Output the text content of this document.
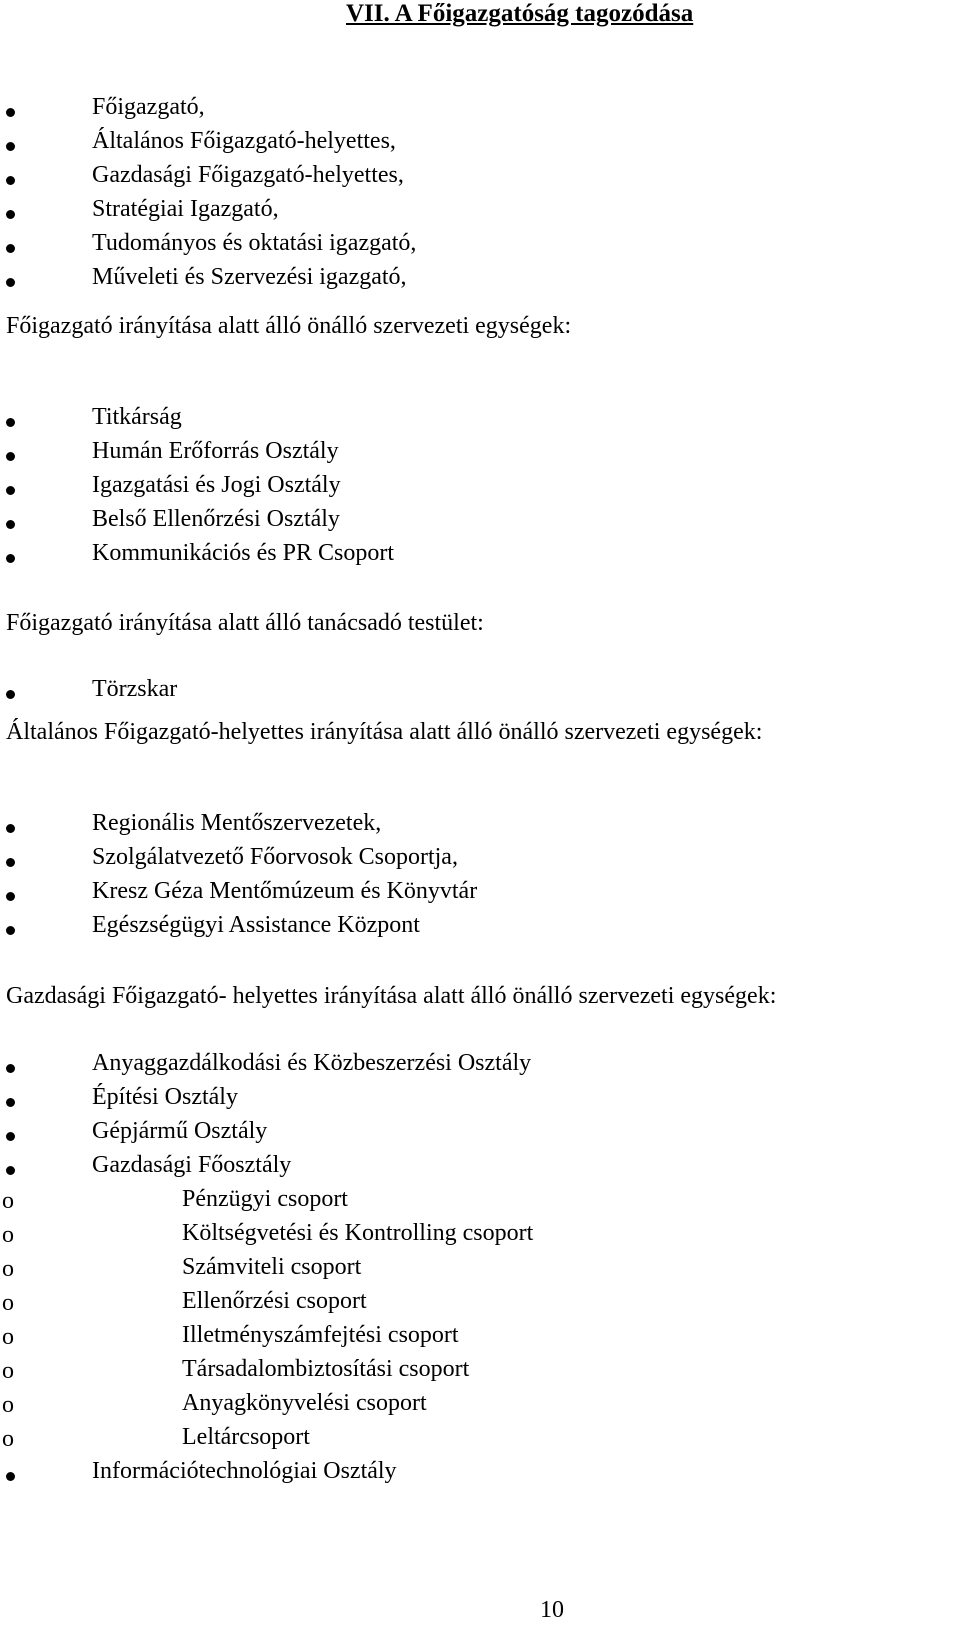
VII. A Főigazgatóság tagozódása
Főigazgató,
Általános Főigazgató-helyettes,
Gazdasági Főigazgató-helyettes,
Stratégiai Igazgató,
Tudományos és oktatási igazgató,
Műveleti és Szervezési igazgató,
Főigazgató irányítása alatt álló önálló szervezeti egységek:
Titkárság
Humán Erőforrás Osztály
Igazgatási és Jogi Osztály
Belső Ellenőrzési Osztály
Kommunikációs és PR Csoport
Főigazgató irányítása alatt álló tanácsadó testület:
Törzskar
Általános Főigazgató-helyettes irányítása alatt álló önálló szervezeti egységek:
Regionális Mentőszervezetek,
Szolgálatvezető Főorvosok Csoportja,
Kresz Géza Mentőmúzeum és Könyvtár
Egészségügyi Assistance Központ
Gazdasági Főigazgató- helyettes irányítása alatt álló önálló szervezeti egységek:
Anyaggazdálkodási és Közbeszerzési Osztály
Építési Osztály
Gépjármű Osztály
Gazdasági Főosztály
o	Pénzügyi csoport
o	Költségvetési és Kontrolling csoport
o	Számviteli csoport
o	Ellenőrzési csoport
o	Illetményszámfejtési csoport
o	Társadalombiztosítási csoport
o	Anyagkönyvelési csoport
o	Leltárcsoport
Információtechnológiai Osztály
10
